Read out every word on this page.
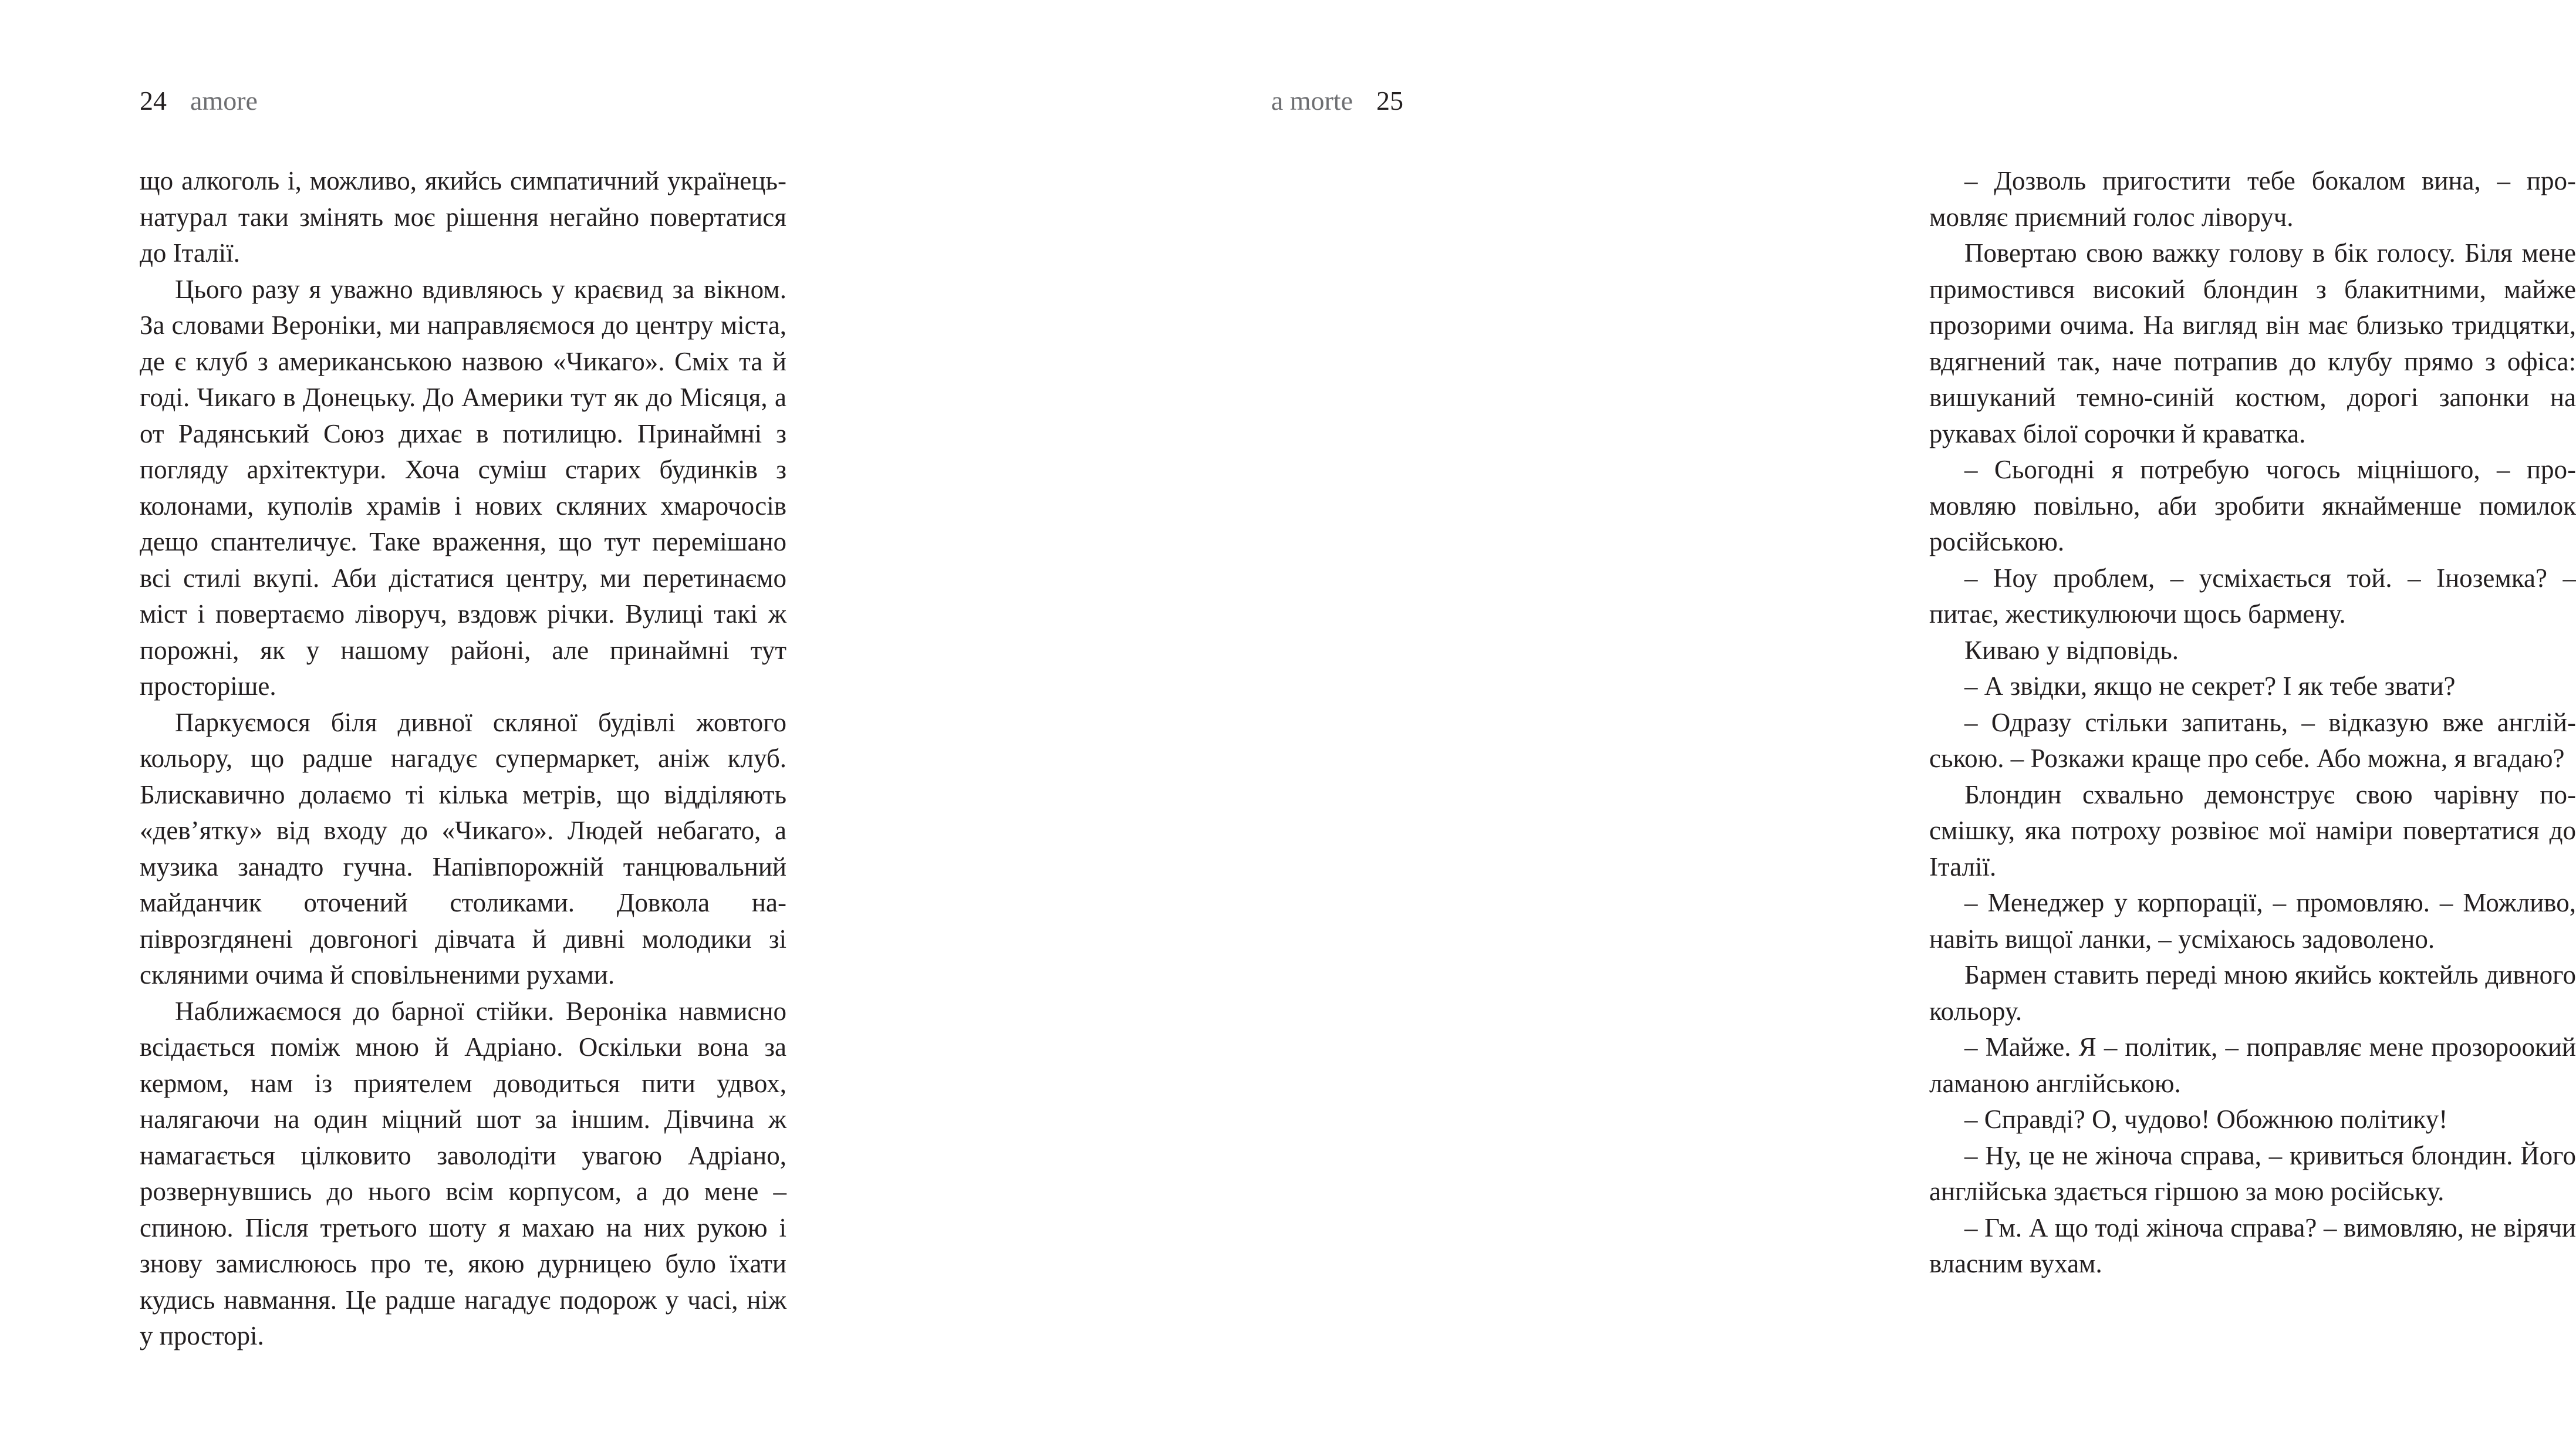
24 amore

що алкоголь і, можливо, якийсь симпатичний українець-натурал таки змінять моє рішення негайно повертатися до Італії.

Цього разу я уважно вдивляюсь у краєвид за вікном. За словами Вероніки, ми направляємося до центру міста, де є клуб з американською назвою «Чикаго». Сміх та й годі. Чикаго в Донецьку. До Америки тут як до Місяця, а от Радянський Союз дихає в потилицю. Принаймні з погляду архітектури. Хоча суміш старих будинків з колонами, куполів храмів і нових скляних хмарочосів дещо спантеличує. Таке враження, що тут перемішано всі стилі вкупі. Аби дістатися центру, ми перетинаємо міст і повертаємо ліворуч, вздовж річки. Вулиці такі ж порожні, як у нашому районі, але принаймні тут просторіше.

Паркуємося біля дивної скляної будівлі жовтого кольору, що радше нагадує супермаркет, аніж клуб. Блискавично долаємо ті кілька метрів, що відділяють «дев’ятку» від входу до «Чикаго». Людей небагато, а музика занадто гучна. Напівпорожній танцювальний майданчик оточений столиками. Довкола напіврозгдянені довгоногі дівчата й дивні молодики зі скляними очима й сповільненими рухами.

Наближаємося до барної стійки. Вероніка навмисно всідається поміж мною й Адріано. Оскільки вона за кермом, нам із приятелем доводиться пити удвох, налягаючи на один міцний шот за іншим. Дівчина ж намагається цілковито заволодіти увагою Адріано, розвернувшись до нього всім корпусом, а до мене – спиною. Після третього шоту я махаю на них рукою і знову замислююсь про те, якою дурницею було їхати кудись навмання. Це радше нагадує подорож у часі, ніж у просторі.

a morte 25

– Дозволь пригостити тебе бокалом вина, – промовляє приємний голос ліворуч.

Повертаю свою важку голову в бік голосу. Біля мене примостився високий блондин з блакитними, майже прозорими очима. На вигляд він має близько тридцятки, вдягнений так, наче потрапив до клубу прямо з офіса: вишуканий темно-синій костюм, дорогі запонки на рукавах білої сорочки й краватка.

– Сьогодні я потребую чогось міцнішого, – промовляю повільно, аби зробити якнайменше помилок російською.

– Ноу проблем, – усміхається той. – Іноземка? – питає, жестикулюючи щось бармену.

Киваю у відповідь.

– А звідки, якщо не секрет? І як тебе звати?

– Одразу стільки запитань, – відказую вже англійською. – Розкажи краще про себе. Або можна, я вгадаю?

Блондин схвально демонструє свою чарівну посмішку, яка потроху розвіює мої наміри повертатися до Італії.

– Менеджер у корпорації, – промовляю. – Можливо, навіть вищої ланки, – усміхаюсь задоволено.

Бармен ставить переді мною якийсь коктейль дивного кольору.

– Майже. Я – політик, – поправляє мене прозороокий ламаною англійською.

– Справді? О, чудово! Обожнюю політику!

– Ну, це не жіноча справа, – кривиться блондин. Його англійська здається гіршою за мою російську.

– Гм. А що тоді жіноча справа? – вимовляю, не вірячи власним вухам.
